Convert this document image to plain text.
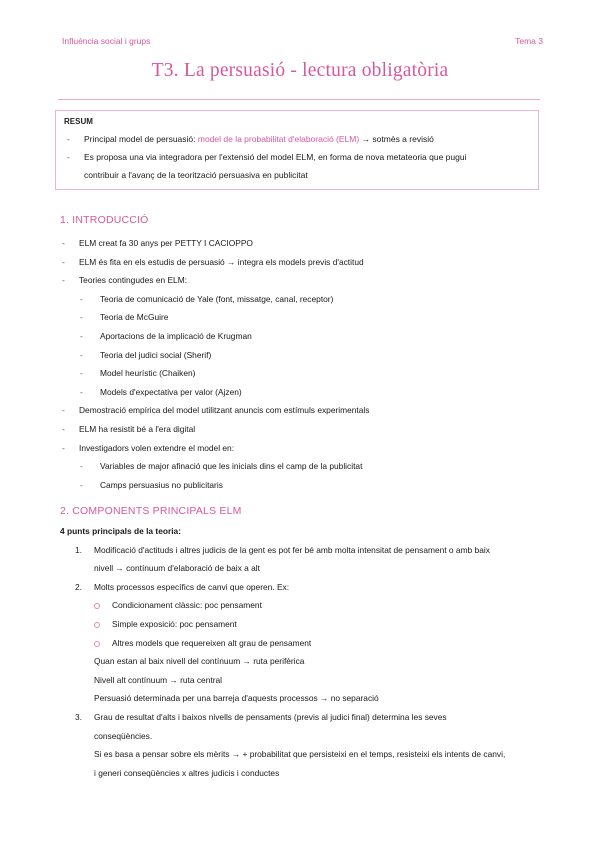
Influència social i grups	Tema 3
T3. La persuasió - lectura obligatòria
RESUM
- Principal model de persuasió: model de la probabilitat d'elaboració (ELM) → sotmès a revisió
- Es proposa una via integradora per l'extensió del model ELM, en forma de nova metateoria que pugui
contribuir a l'avanç de la teorització persuasiva en publicitat
1. INTRODUCCIÓ
- ELM creat fa 30 anys per PETTY I CACIOPPO
- ELM és fita en els estudis de persuasió → integra els models previs d'actitud
- Teories contingudes en ELM:
- Teoria de comunicació de Yale (font, missatge, canal, receptor)
- Teoria de McGuire
- Aportacions de la implicació de Krugman
- Teoria del judici social (Sherif)
- Model heurístic (Chaiken)
- Models d'expectativa per valor (Ajzen)
- Demostració empírica del model utilitzant anuncis com estímuls experimentals
- ELM ha resistit bé a l'era digital
- Investigadors volen extendre el model en:
- Variables de major afinació que les inicials dins el camp de la publicitat
- Camps persuasius no publicitaris
2. COMPONENTS PRINCIPALS ELM
4 punts principals de la teoria:
1. Modificació d'actituds i altres judicis de la gent es pot fer bé amb molta intensitat de pensament o amb baix
nivell → contínuum d'elaboració de baix a alt
2. Molts processos específics de canvi que operen. Ex:
Condicionament clàssic: poc pensament
Simple exposició: poc pensament
Altres models que requereixen alt grau de pensament
Quan estan al baix nivell del contínuum → ruta perifèrica
Nivell alt contínuum → ruta central
Persuasió determinada per una barreja d'aquests processos → no separació
3. Grau de resultat d'alts i baixos nivells de pensaments (previs al judici final) determina les seves
conseqüències.
Si es basa a pensar sobre els mèrits → + probabilitat que persisteixi en el temps, resisteixi els intents de canvi,
i generi conseqüències x altres judicis i conductes
